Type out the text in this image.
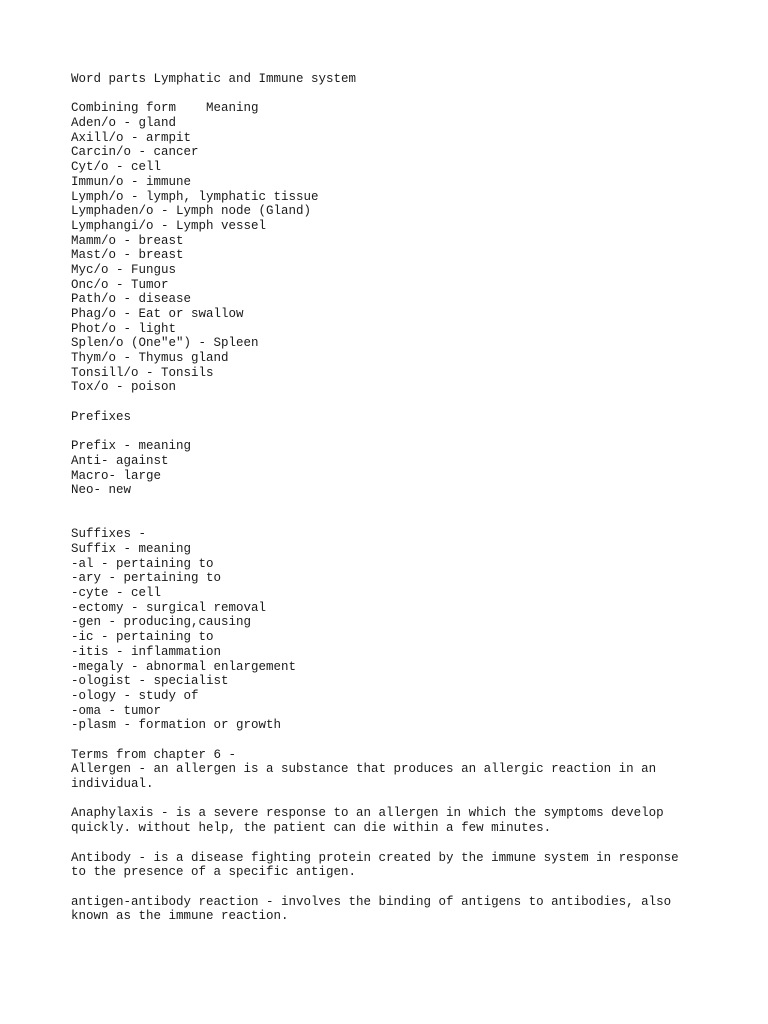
Word parts Lymphatic and Immune system
Combining form    Meaning
Aden/o - gland
Axill/o - armpit
Carcin/o - cancer
Cyt/o - cell
Immun/o - immune
Lymph/o - lymph, lymphatic tissue
Lymphaden/o - Lymph node (Gland)
Lymphangi/o - Lymph vessel
Mamm/o - breast
Mast/o - breast
Myc/o - Fungus
Onc/o - Tumor
Path/o - disease
Phag/o - Eat or swallow
Phot/o - light
Splen/o (One"e") - Spleen
Thym/o - Thymus gland
Tonsill/o - Tonsils
Tox/o - poison
Prefixes
Prefix - meaning
Anti- against
Macro- large
Neo- new
Suffixes -
Suffix - meaning
-al - pertaining to
-ary - pertaining to
-cyte - cell
-ectomy - surgical removal
-gen - producing,causing
-ic - pertaining to
-itis - inflammation
-megaly - abnormal enlargement
-ologist - specialist
-ology - study of
-oma - tumor
-plasm - formation or growth
Terms from chapter 6 -
Allergen - an allergen is a substance that produces an allergic reaction in an
individual.
Anaphylaxis - is a severe response to an allergen in which the symptoms develop
quickly. without help, the patient can die within a few minutes.
Antibody - is a disease fighting protein created by the immune system in response
to the presence of a specific antigen.
antigen-antibody reaction - involves the binding of antigens to antibodies, also
known as the immune reaction.
